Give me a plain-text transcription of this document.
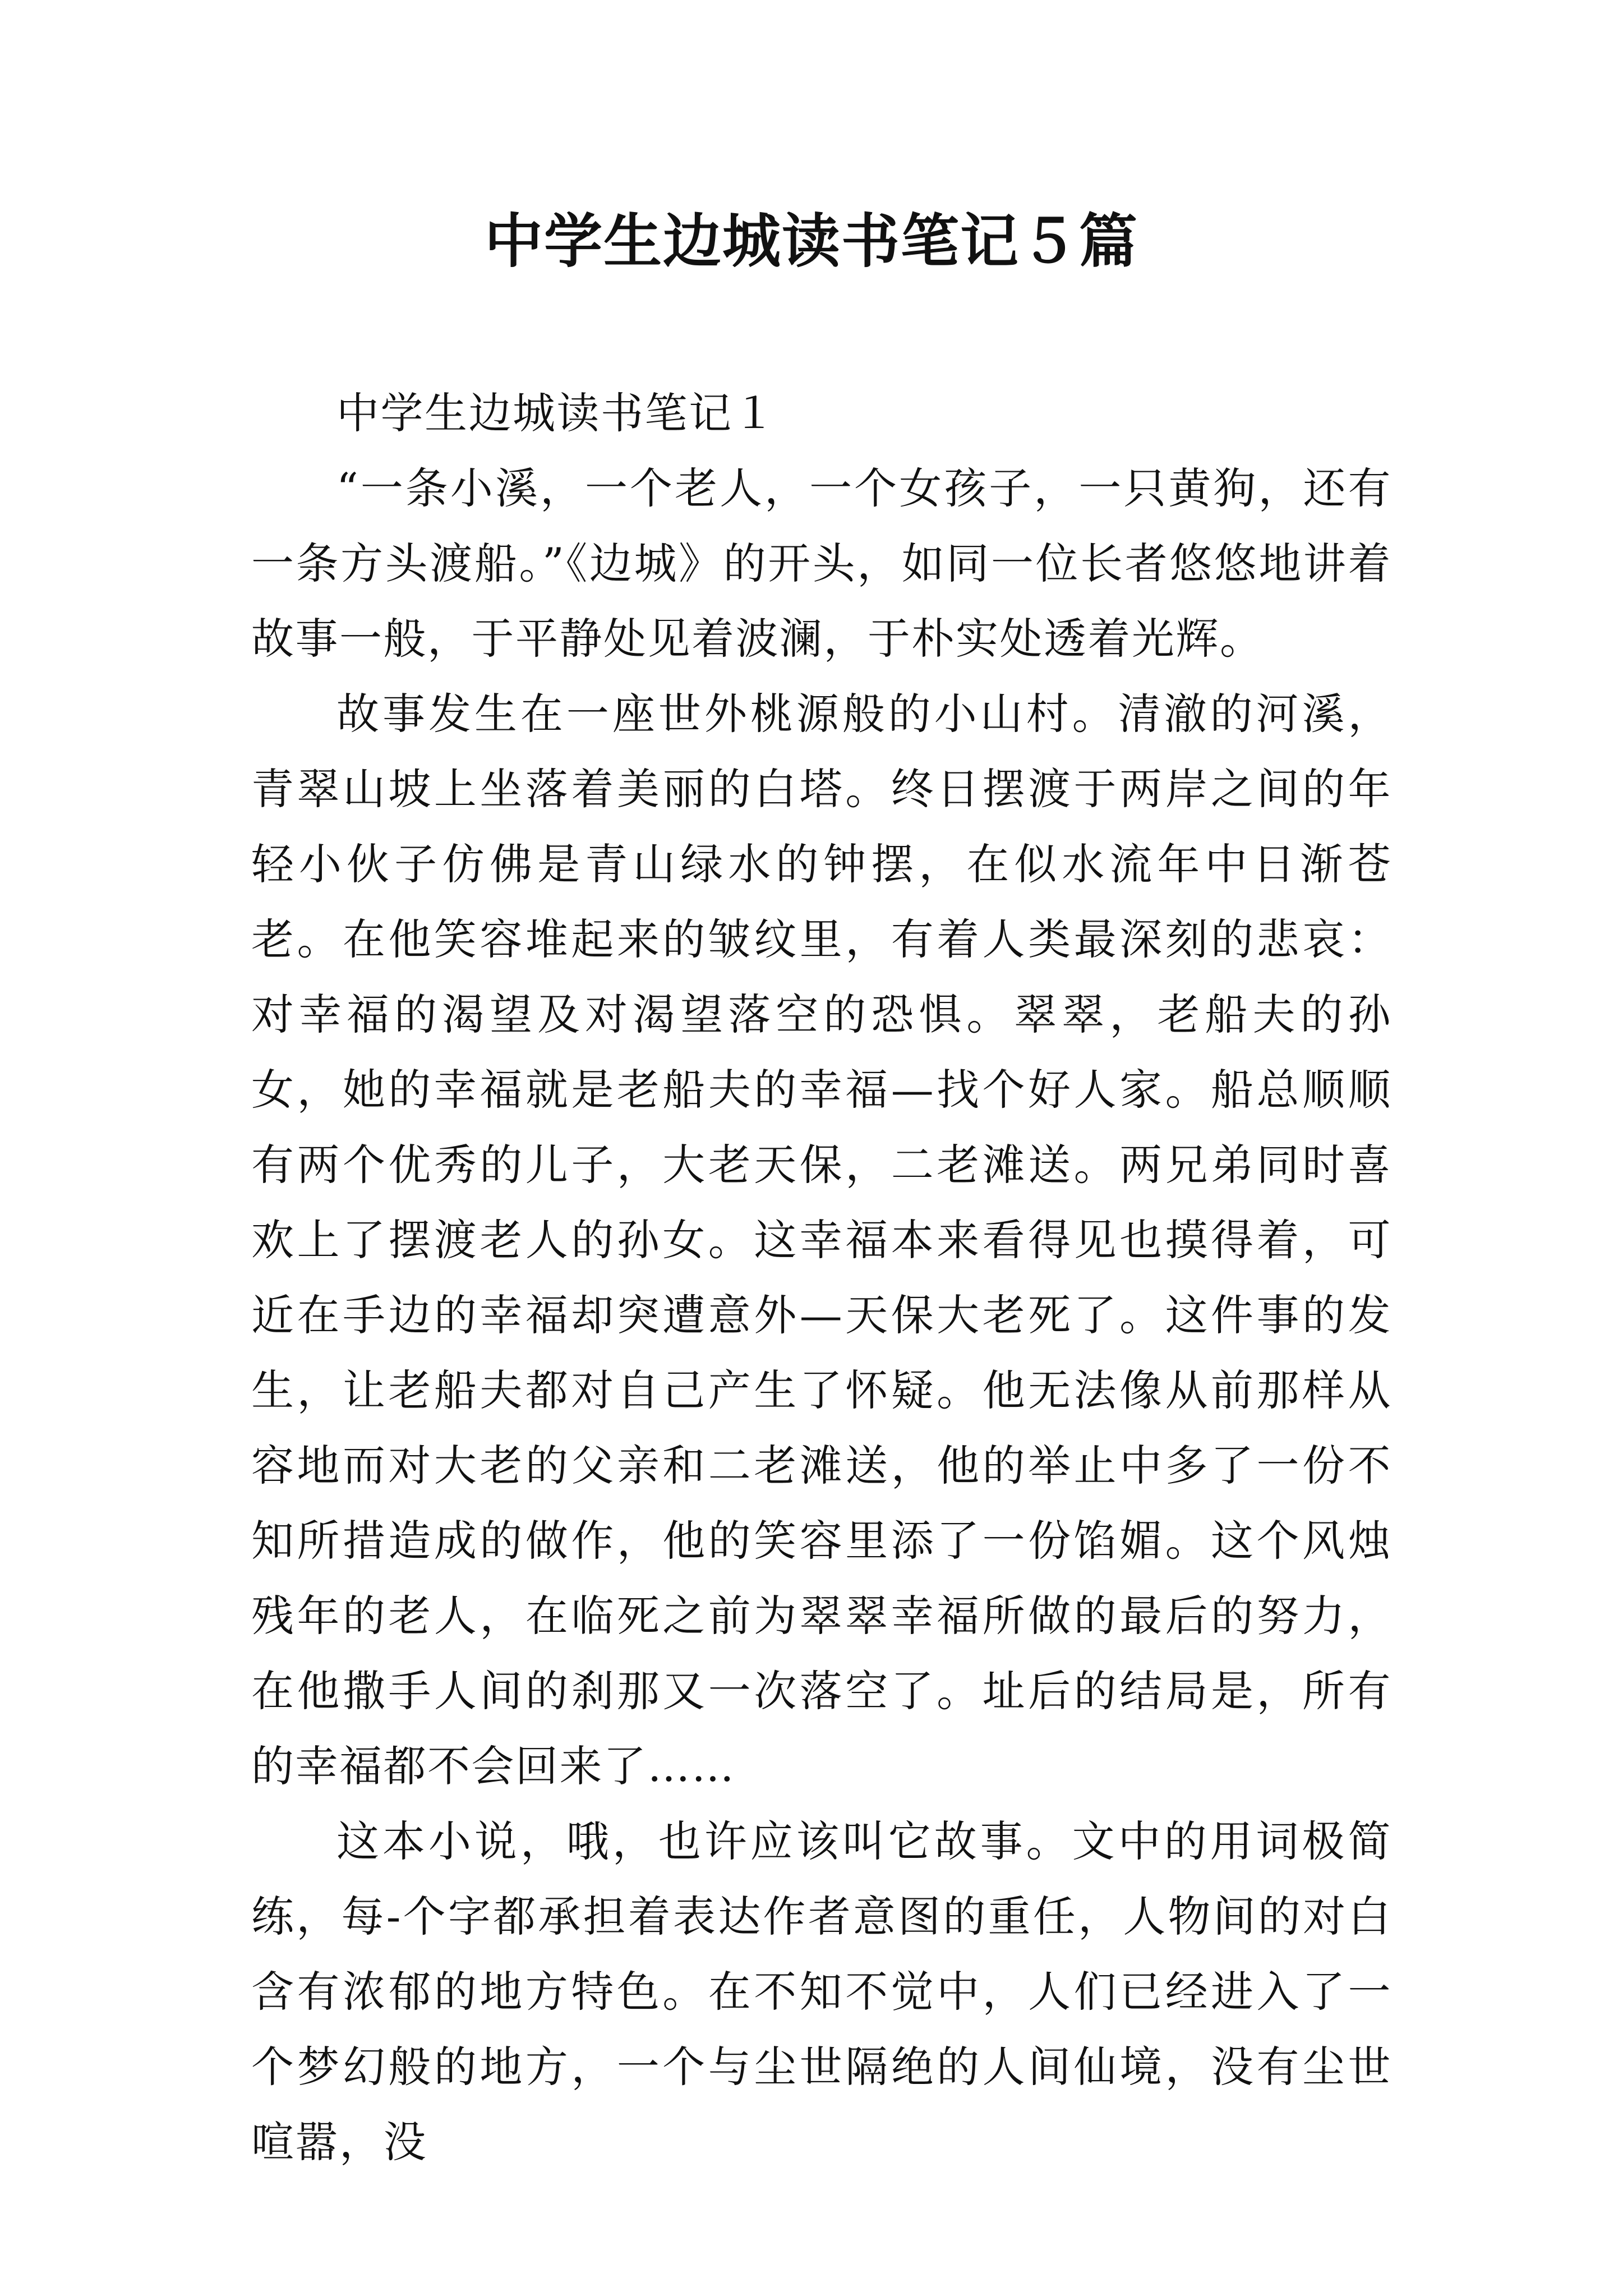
中学生边城读书笔记５篇

中学生边城读书笔记１

“一条小溪，一个老人，一个女孩子，一只黄狗，还有一条方头渡船。”《边城》的开头，如同一位长者悠悠地讲着故事一般，于平静处见着波澜，于朴实处透着光辉。

故事发生在一座世外桃源般的小山村。清澈的河溪，青翠山坡上坐落着美丽的白塔。终日摆渡于两岸之间的年轻小伙子仿佛是青山绿水的钟摆，在似水流年中日渐苍老。在他笑容堆起来的皱纹里，有着人类最深刻的悲哀：对幸福的渴望及对渴望落空的恐惧。翠翠，老船夫的孙女，她的幸福就是老船夫的幸福—找个好人家。船总顺顺有两个优秀的儿子，大老天保，二老滩送。两兄弟同时喜欢上了摆渡老人的孙女。这幸福本来看得见也摸得着，可近在手边的幸福却突遭意外—天保大老死了。这件事的发生，让老船夫都对自己产生了怀疑。他无法像从前那样从容地而对大老的父亲和二老滩送，他的举止中多了一份不知所措造成的做作，他的笑容里添了一份馅媚。这个风烛残年的老人，在临死之前为翠翠幸福所做的最后的努力，在他撒手人间的刹那又一次落空了。址后的结局是，所有的幸福都不会回来了……

这本小说，哦，也许应该叫它故事。文中的用词极简练，每-个字都承担着表达作者意图的重任，人物间的对白含有浓郁的地方特色。在不知不觉中，人们已经进入了一个梦幻般的地方，一个与尘世隔绝的人间仙境，没有尘世喧嚣，没
